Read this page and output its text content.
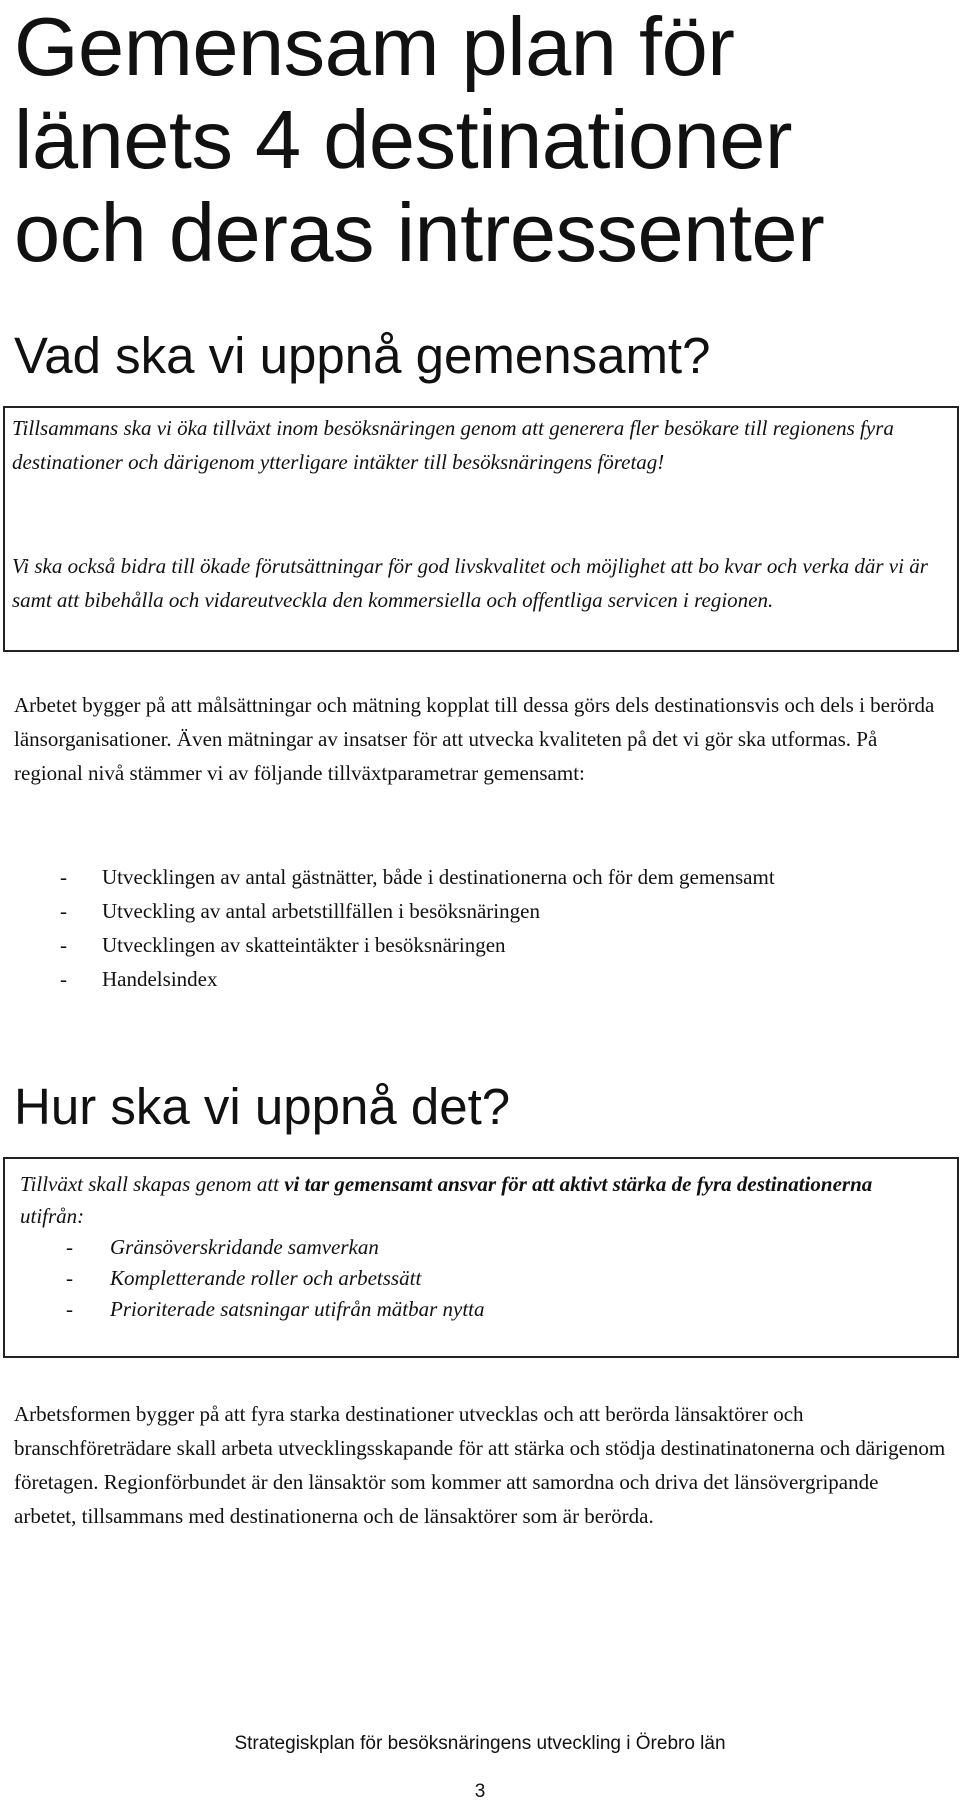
Gemensam plan för länets 4 destinationer och deras intressenter
Vad ska vi uppnå gemensamt?

Tillsammans ska vi öka tillväxt inom besöksnäringen genom att generera fler besökare till regionens fyra destinationer och därigenom ytterligare intäkter till besöksnäringens företag!

Vi ska också bidra till ökade förutsättningar för god livskvalitet och möjlighet att bo kvar och verka där vi är samt att bibehålla och vidareutveckla den kommersiella och offentliga servicen i regionen.

Arbetet bygger på att målsättningar och mätning kopplat till dessa görs dels destinationsvis och dels i berörda länsorganisationer. Även mätningar av insatser för att utvecka kvaliteten på det vi gör ska utformas. På regional nivå stämmer vi av följande tillväxtparametrar gemensamt:

- Utvecklingen av antal gästnätter, både i destinationerna och för dem gemensamt
- Utveckling av antal arbetstillfällen i besöksnäringen
- Utvecklingen av skatteintäkter i besöksnäringen
- Handelsindex
Hur ska vi uppnå det?

Tillväxt skall skapas genom att vi tar gemensamt ansvar för att aktivt stärka de fyra destinationerna utifrån:

- Gränsöverskridande samverkan
- Kompletterande roller och arbetssätt
- Prioriterade satsningar utifrån mätbar nytta

Arbetsformen bygger på att fyra starka destinationer utvecklas och att berörda länsaktörer och branschföreträdare skall arbeta utvecklingsskapande för att stärka och stödja destinatinatonerna och därigenom företagen. Regionförbundet är den länsaktör som kommer att samordna och driva det länsövergripande arbetet, tillsammans med destinationerna och de länsaktörer som är berörda.

Strategiskplan för besöksnäringens utveckling i Örebro län
3
